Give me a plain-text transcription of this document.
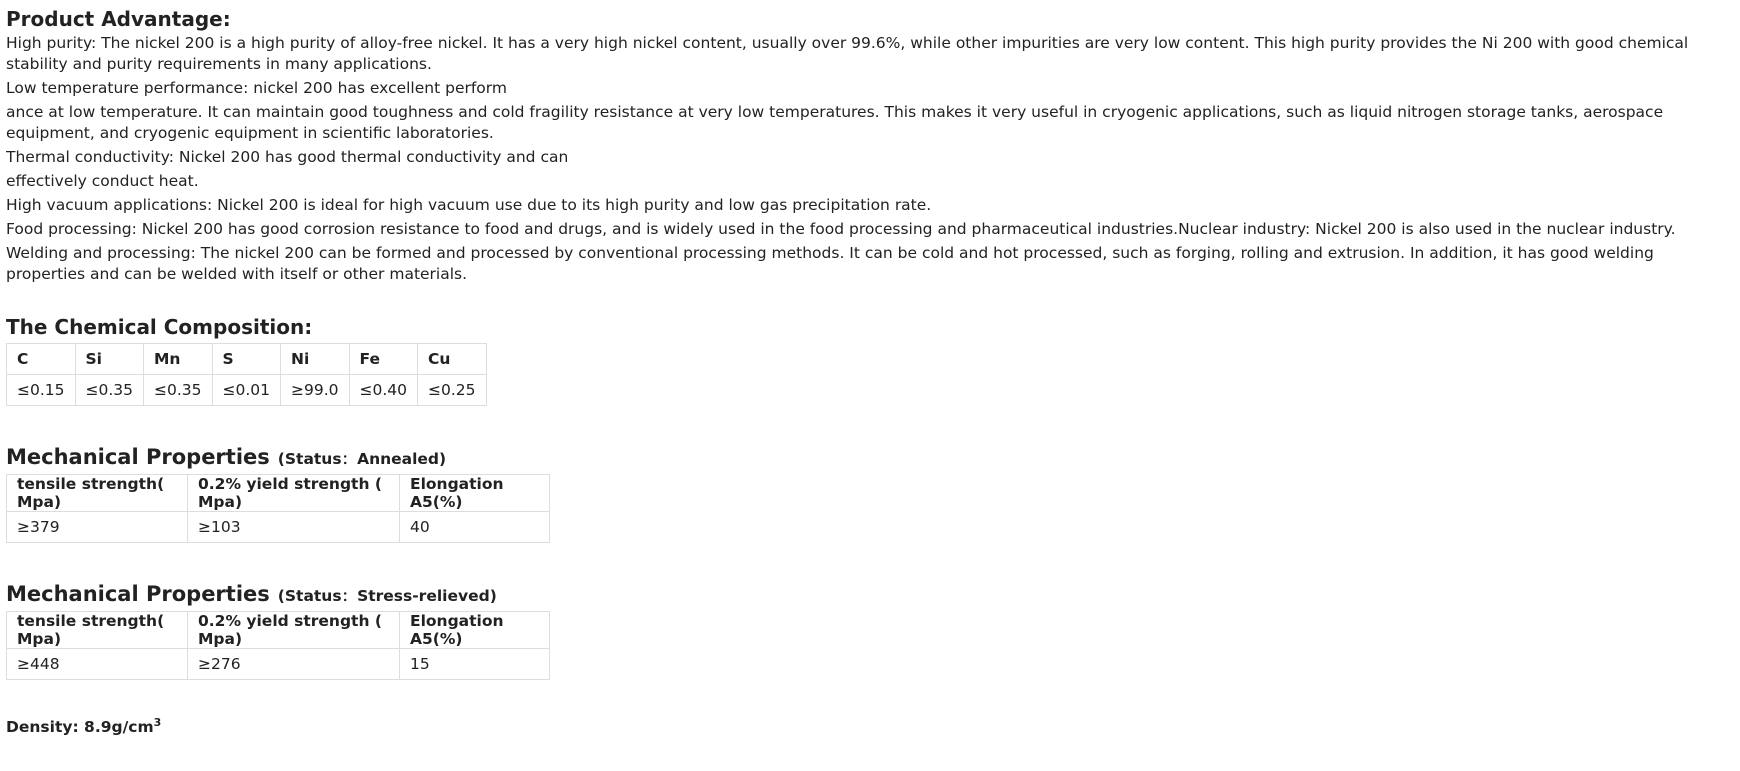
Product Advantage:

High purity: The nickel 200 is a high purity of alloy-free nickel. It has a very high nickel content, usually over 99.6%, while other impurities are very low content. This high purity provides the Ni 200 with good chemical stability and purity requirements in many applications.

Low temperature performance: nickel 200 has excellent perform

ance at low temperature. It can maintain good toughness and cold fragility resistance at very low temperatures. This makes it very useful in cryogenic applications, such as liquid nitrogen storage tanks, aerospace equipment, and cryogenic equipment in scientific laboratories.

Thermal conductivity: Nickel 200 has good thermal conductivity and can

effectively conduct heat.

High vacuum applications: Nickel 200 is ideal for high vacuum use due to its high purity and low gas precipitation rate.

Food processing: Nickel 200 has good corrosion resistance to food and drugs, and is widely used in the food processing and pharmaceutical industries.Nuclear industry: Nickel 200 is also used in the nuclear industry.

Welding and processing: The nickel 200 can be formed and processed by conventional processing methods. It can be cold and hot processed, such as forging, rolling and extrusion. In addition, it has good welding properties and can be welded with itself or other materials.

The Chemical Composition:
C	Si	Mn	S	Ni	Fe	Cu
≤0.15	≤0.35	≤0.35	≤0.01	≥99.0	≤0.40	≤0.25
Mechanical Properties (Status：Annealed)
tensile strength( Mpa)	0.2% yield strength ( Mpa)	Elongation A5(%)
≥379	≥103	40
Mechanical Properties (Status：Stress-relieved)
tensile strength( Mpa)	0.2% yield strength ( Mpa)	Elongation A5(%)
≥448	≥276	15
Density: $8.9g/cm^3$
